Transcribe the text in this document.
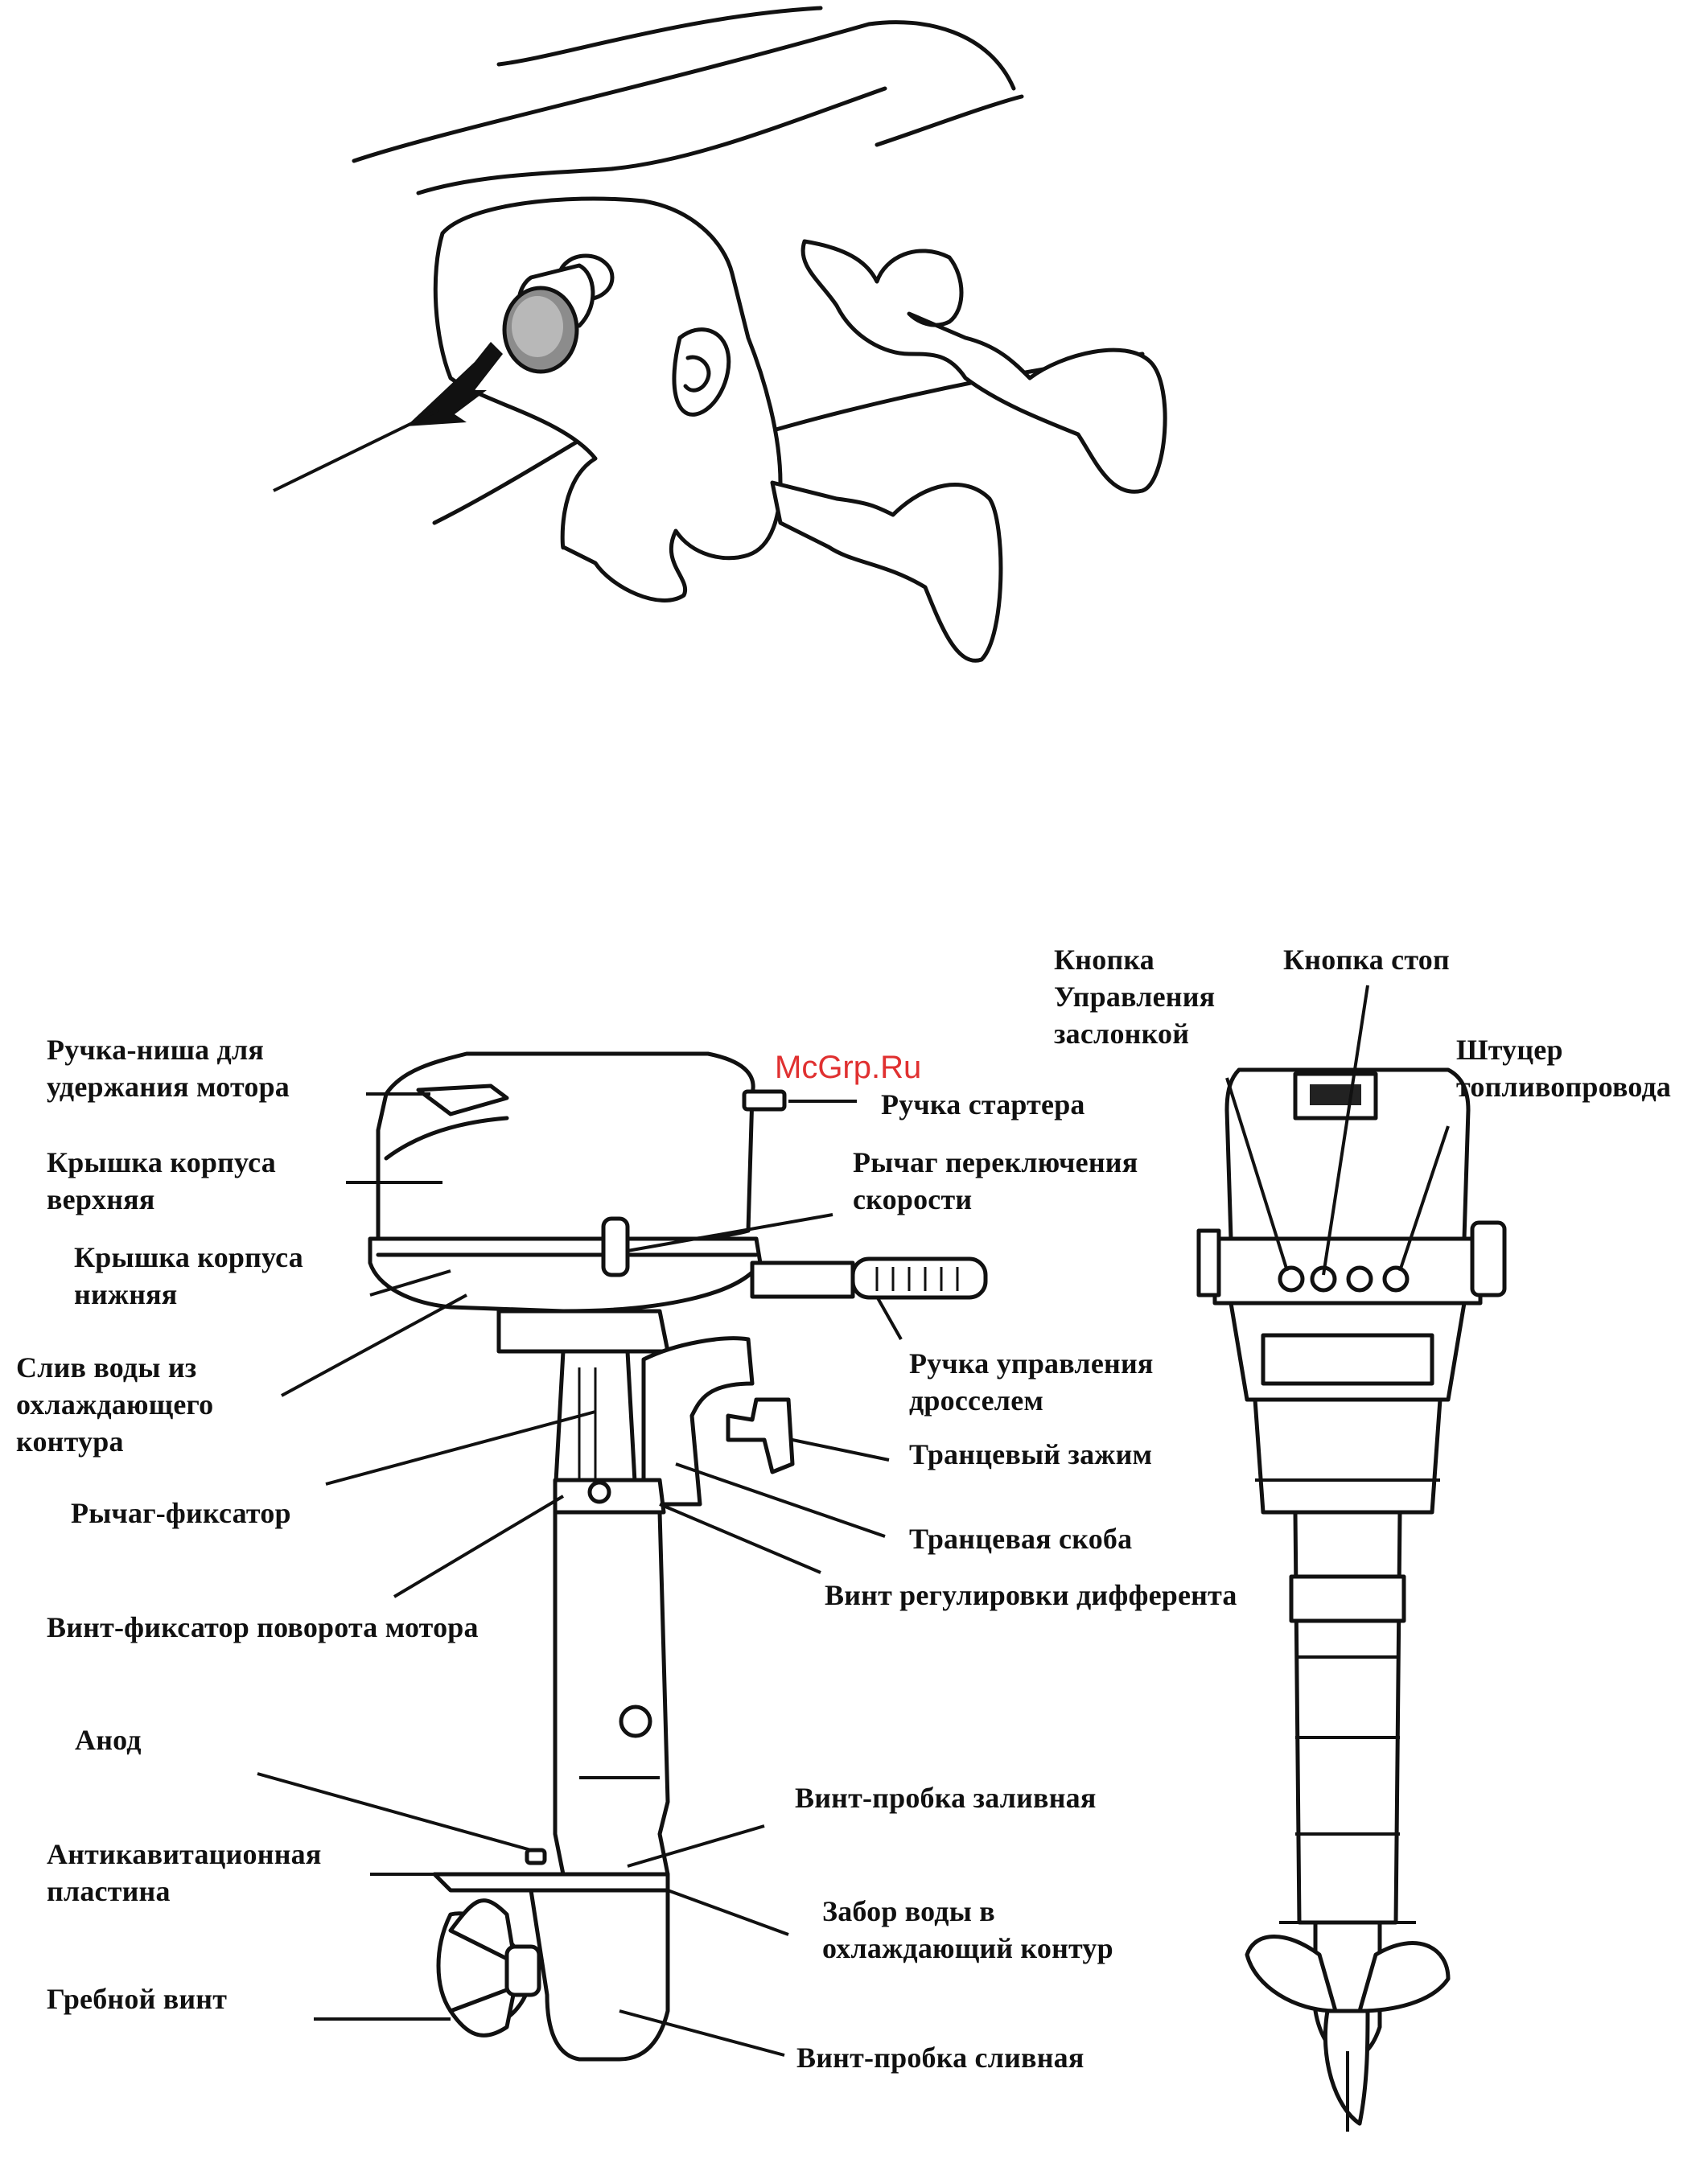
McGrp.Ru
Ручка-ниша для
удержания мотора
Крышка корпуса
верхняя
Крышка корпуса
нижняя
Слив воды из
охлаждающего
контура
Рычаг-фиксатор
Винт-фиксатор поворота мотора
Анод
Антикавитационная
пластина
Гребной винт
Ручка стартера
Рычаг переключения
скорости
Ручка управления
дросселем
Транцевый зажим
Транцевая скоба
Винт регулировки дифферента
Винт-пробка заливная
Забор воды в
охлаждающий контур
Винт-пробка сливная
Кнопка
Управления
заслонкой
Кнопка стоп
Штуцер
топливопровода
